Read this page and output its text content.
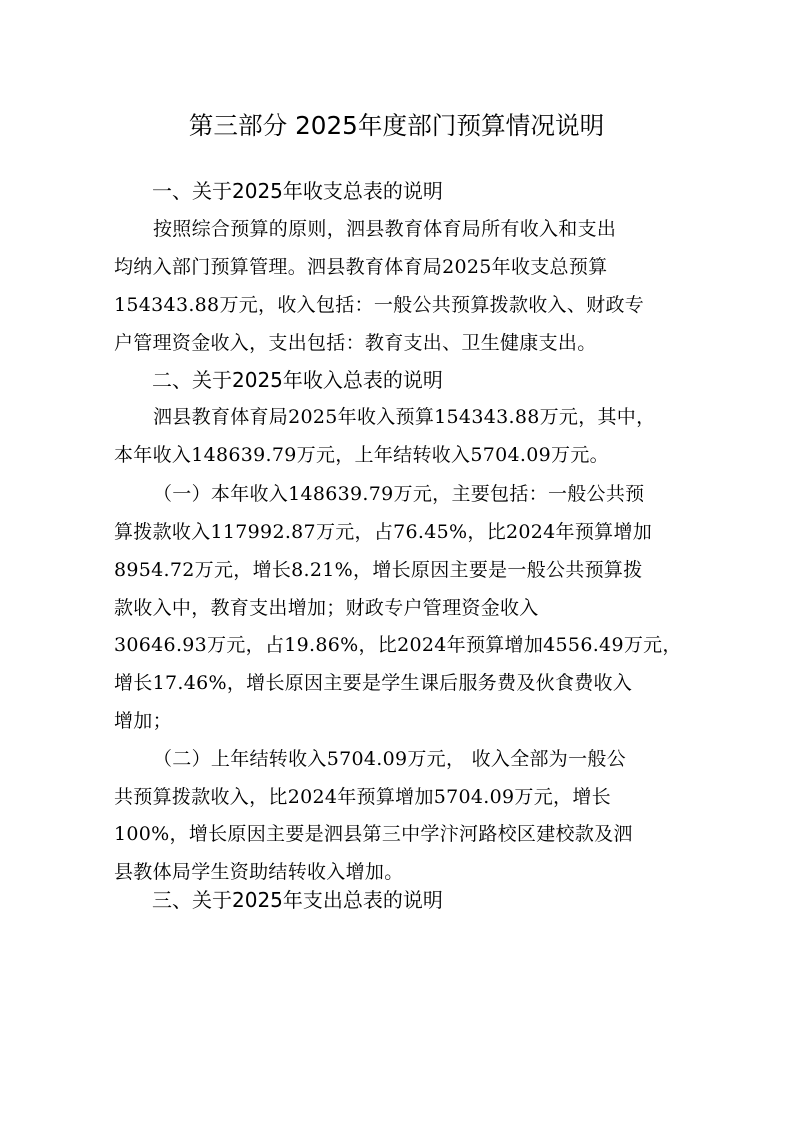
第三部分 2025年度部门预算情况说明
一、关于2025年收支总表的说明
按照综合预算的原则，泗县教育体育局所有收入和支出
均纳入部门预算管理。泗县教育体育局2025年收支总预算
154343.88万元，收入包括：一般公共预算拨款收入、财政专
户管理资金收入，支出包括：教育支出、卫生健康支出。
二、关于2025年收入总表的说明
泗县教育体育局2025年收入预算154343.88万元，其中，
本年收入148639.79万元，上年结转收入5704.09万元。
（一）本年收入148639.79万元，主要包括：一般公共预
算拨款收入117992.87万元，占76.45%，比2024年预算增加
8954.72万元，增长8.21%，增长原因主要是一般公共预算拨
款收入中，教育支出增加；财政专户管理资金收入
30646.93万元，占19.86%，比2024年预算增加4556.49万元，
增长17.46%，增长原因主要是学生课后服务费及伙食费收入
增加；
（二）上年结转收入5704.09万元， 收入全部为一般公
共预算拨款收入，比2024年预算增加5704.09万元，增长
100%，增长原因主要是泗县第三中学汴河路校区建校款及泗
县教体局学生资助结转收入增加。
三、关于2025年支出总表的说明
